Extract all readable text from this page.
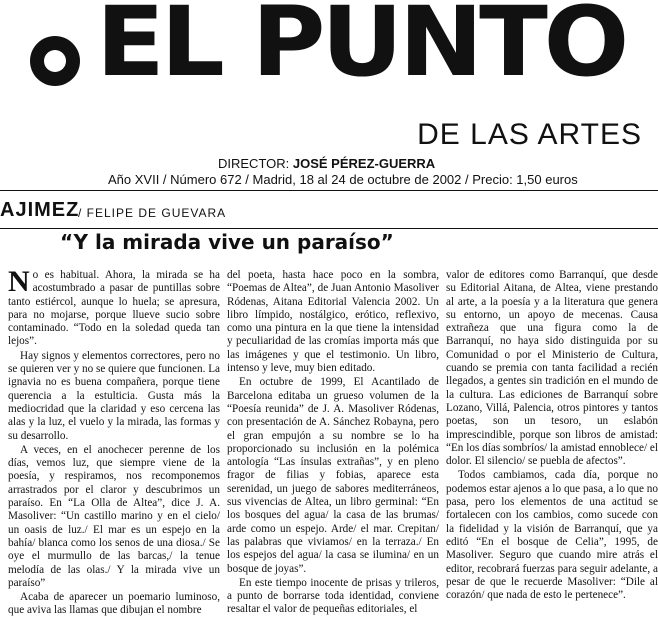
EL PUNTO
DE LAS ARTES
DIRECTOR: JOSÉ PÉREZ-GUERRA
Año XVII / Número 672 / Madrid, 18 al 24 de octubre de 2002 / Precio: 1,50 euros
AJIMEZ
/ FELIPE DE GUEVARA
“Y la mirada vive un paraíso”

No es habitual. Ahora, la mirada se ha acostumbrado a pasar de puntillas sobre tanto estiércol, aunque lo huela; se apresura, para no mojarse, porque llueve sucio sobre contaminado. “Todo en la soledad queda tan lejos”.

Hay signos y elementos correctores, pero no se quieren ver y no se quiere que funcionen. La ignavia no es buena compañera, porque tiene querencia a la estulticia. Gusta más la mediocridad que la claridad y eso cercena las alas y la luz, el vuelo y la mirada, las formas y su desarrollo.

A veces, en el anochecer perenne de los días, vemos luz, que siempre viene de la poesía, y respiramos, nos recomponemos arrastrados por el claror y descubrimos un paraíso. En “La Olla de Altea”, dice J. A. Masoliver: “Un castillo marino y en el cielo/ un oasis de luz./ El mar es un espejo en la bahía/ blanca como los senos de una diosa./ Se oye el murmullo de las barcas,/ la tenue melodía de las olas./ Y la mirada vive un paraíso”

Acaba de aparecer un poemario luminoso, que aviva las llamas que dibujan el nombre

del poeta, hasta hace poco en la sombra, “Poemas de Altea”, de Juan Antonio Masoliver Ródenas, Aitana Editorial Valencia 2002. Un libro límpido, nostálgico, erótico, reflexivo, como una pintura en la que tiene la intensidad y peculiaridad de las cromías importa más que las imágenes y que el testimonio. Un libro, intenso y leve, muy bien editado.

En octubre de 1999, El Acantilado de Barcelona editaba un grueso volumen de la “Poesía reunida” de J. A. Masoliver Ródenas, con presentación de A. Sánchez Robayna, pero el gran empujón a su nombre se lo ha proporcionado su inclusión en la polémica antología “Las ínsulas extrañas”, y en pleno fragor de filias y fobias, aparece esta serenidad, un juego de sabores mediterráneos, sus vivencias de Altea, un libro germinal: “En los bosques del agua/ la casa de las brumas/ arde como un espejo. Arde/ el mar. Crepitan/ las palabras que viviamos/ en la terraza./ En los espejos del agua/ la casa se ilumina/ en un bosque de joyas”.

En este tiempo inocente de prisas y trileros, a punto de borrarse toda identidad, conviene resaltar el valor de pequeñas editoriales, el

valor de editores como Barranquí, que desde su Editorial Aitana, de Altea, viene prestando al arte, a la poesía y a la literatura que genera su entorno, un apoyo de mecenas. Causa extrañeza que una figura como la de Barranquí, no haya sido distinguida por su Comunidad o por el Ministerio de Cultura, cuando se premia con tanta facilidad a recién llegados, a gentes sin tradición en el mundo de la cultura. Las ediciones de Barranquí sobre Lozano, Villá, Palencia, otros pintores y tantos poetas, son un tesoro, un eslabón imprescindible, porque son libros de amistad: “En los días sombríos/ la amistad ennoblece/ el dolor. El silencio/ se puebla de afectos”.

Todos cambiamos, cada día, porque no podemos estar ajenos a lo que pasa, a lo que no pasa, pero los elementos de una actitud se fortalecen con los cambios, como sucede con la fidelidad y la visión de Barranquí, que ya editó “En el bosque de Celia”, 1995, de Masoliver. Seguro que cuando mire atrás el editor, recobrará fuerzas para seguir adelante, a pesar de que le recuerde Masoliver: “Dile al corazón/ que nada de esto le pertenece”.
